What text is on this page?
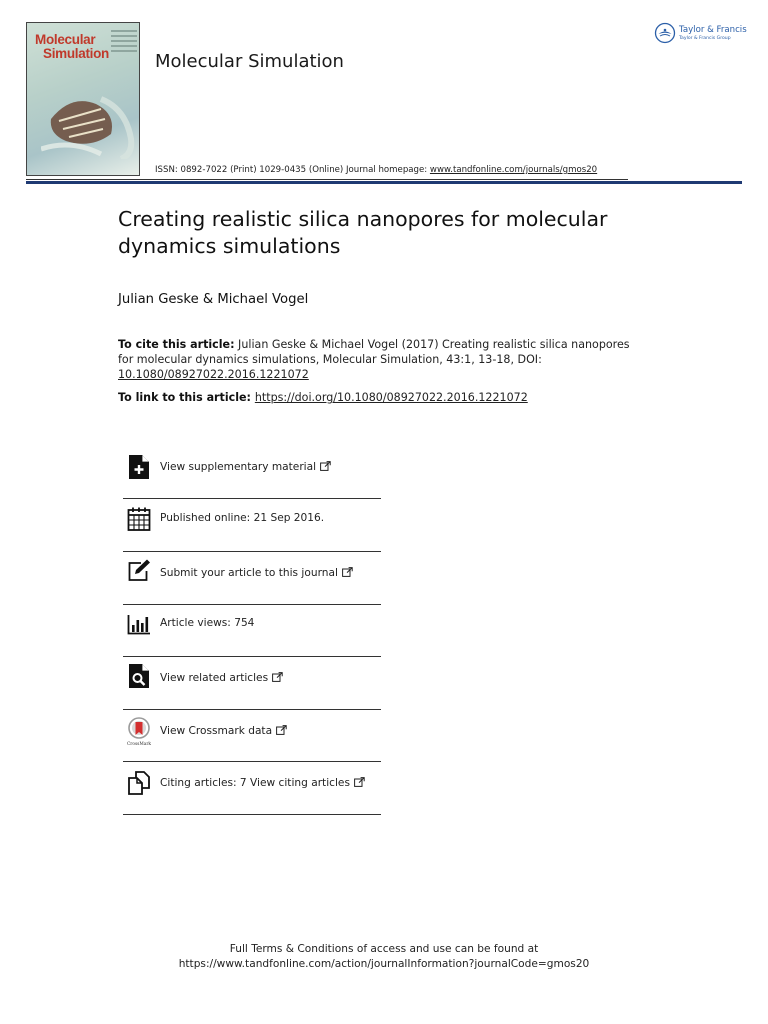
Molecular
Simulation	Molecular Simulation
ISSN: 0892-7022 (Print) 1029-0435 (Online) Journal homepage: www.tandfonline.com/journals/gmos20
Taylor & Francis
Taylor & Francis Group
Creating realistic silica nanopores for molecular dynamics simulations
Julian Geske & Michael Vogel
To cite this article: Julian Geske & Michael Vogel (2017) Creating realistic silica nanopores for molecular dynamics simulations, Molecular Simulation, 43:1, 13-18, DOI: 10.1080/08927022.2016.1221072
To link to this article: https://doi.org/10.1080/08927022.2016.1221072
View supplementary material
Published online: 21 Sep 2016.
Submit your article to this journal
Article views: 754
View related articles
CrossMark
View Crossmark data
Citing articles: 7 View citing articles
Full Terms & Conditions of access and use can be found at
https://www.tandfonline.com/action/journalInformation?journalCode=gmos20
